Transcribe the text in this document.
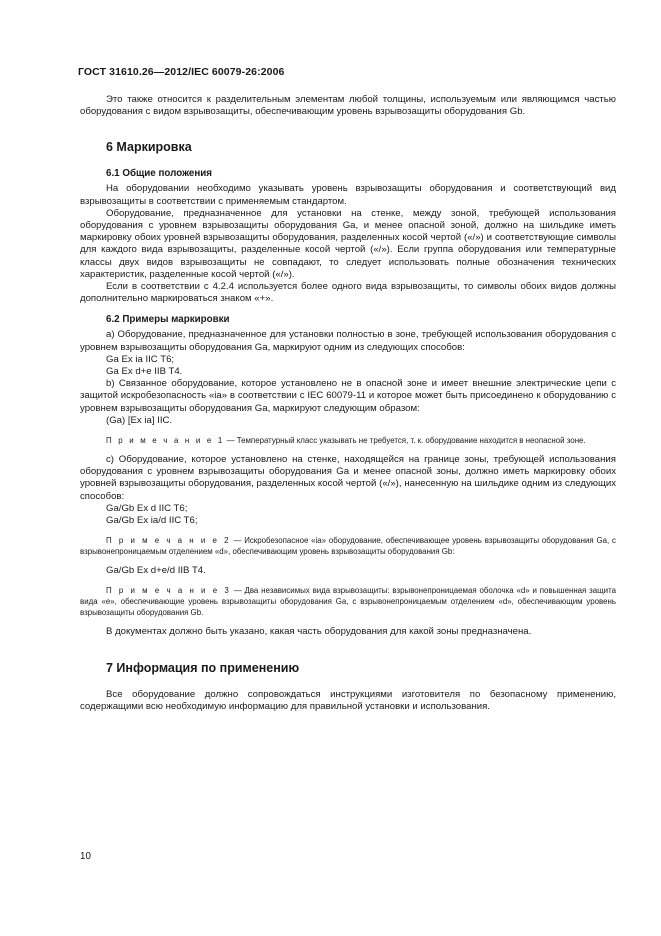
ГОСТ 31610.26—2012/IEC 60079-26:2006

Это также относится к разделительным элементам любой толщины, используемым или являющимся частью оборудования с видом взрывозащиты, обеспечивающим уровень взрывозащиты оборудования Gb.

6 Маркировка
6.1 Общие положения

На оборудовании необходимо указывать уровень взрывозащиты оборудования и соответствующий вид взрывозащиты в соответствии с применяемым стандартом.

Оборудование, предназначенное для установки на стенке, между зоной, требующей использования оборудования с уровнем взрывозащиты оборудования Ga, и менее опасной зоной, должно на шильдике иметь маркировку обоих уровней взрывозащиты оборудования, разделенных косой чертой («/») и соответствующие символы для каждого вида взрывозащиты, разделенные косой чертой («/»). Если группа оборудования или температурные классы двух видов взрывозащиты не совпадают, то следует использовать полные обозначения технических характеристик, разделенные косой чертой («/»).

Если в соответствии с 4.2.4 используется более одного вида взрывозащиты, то символы обоих видов должны дополнительно маркироваться знаком «+».

6.2 Примеры маркировки

a) Оборудование, предназначенное для установки полностью в зоне, требующей использования оборудования с уровнем взрывозащиты оборудования Ga, маркируют одним из следующих способов:

Ga Ex ia IIC T6;

Ga Ex d+e IIB T4.

b) Связанное оборудование, которое установлено не в опасной зоне и имеет внешние электрические цепи с защитой искробезопасность «ia» в соответствии с IEC 60079-11 и которое может быть присоединено к оборудованию с уровнем взрывозащиты оборудования Ga, маркируют следующим образом:

(Ga) [Ex ia] IIC.

П р и м е ч а н и е 1 — Температурный класс указывать не требуется, т. к. оборудование находится в неопасной зоне.

c) Оборудование, которое установлено на стенке, находящейся на границе зоны, требующей использования оборудования с уровнем взрывозащиты оборудования Ga и менее опасной зоны, должно иметь маркировку обоих уровней взрывозащиты оборудования, разделенных косой чертой («/»), нанесенную на шильдике одним из следующих способов:

Ga/Gb Ex d IIC T6;

Ga/Gb Ex ia/d IIC T6;

П р и м е ч а н и е 2 — Искробезопасное «ia» оборудование, обеспечивающее уровень взрывозащиты оборудования Ga, с взрывонепроницаемым отделением «d», обеспечивающим уровень взрывозащиты оборудования Gb:

Ga/Gb Ex d+e/d IIB T4.

П р и м е ч а н и е 3 — Два независимых вида взрывозащиты: взрывонепроницаемая оболочка «d» и повышенная защита вида «e», обеспечивающие уровень взрывозащиты оборудования Ga, с взрывонепроницаемым отделением «d», обеспечивающим уровень взрывозащиты оборудования Gb.

В документах должно быть указано, какая часть оборудования для какой зоны предназначена.

7 Информация по применению

Все оборудование должно сопровождаться инструкциями изготовителя по безопасному применению, содержащими всю необходимую информацию для правильной установки и использования.

10
